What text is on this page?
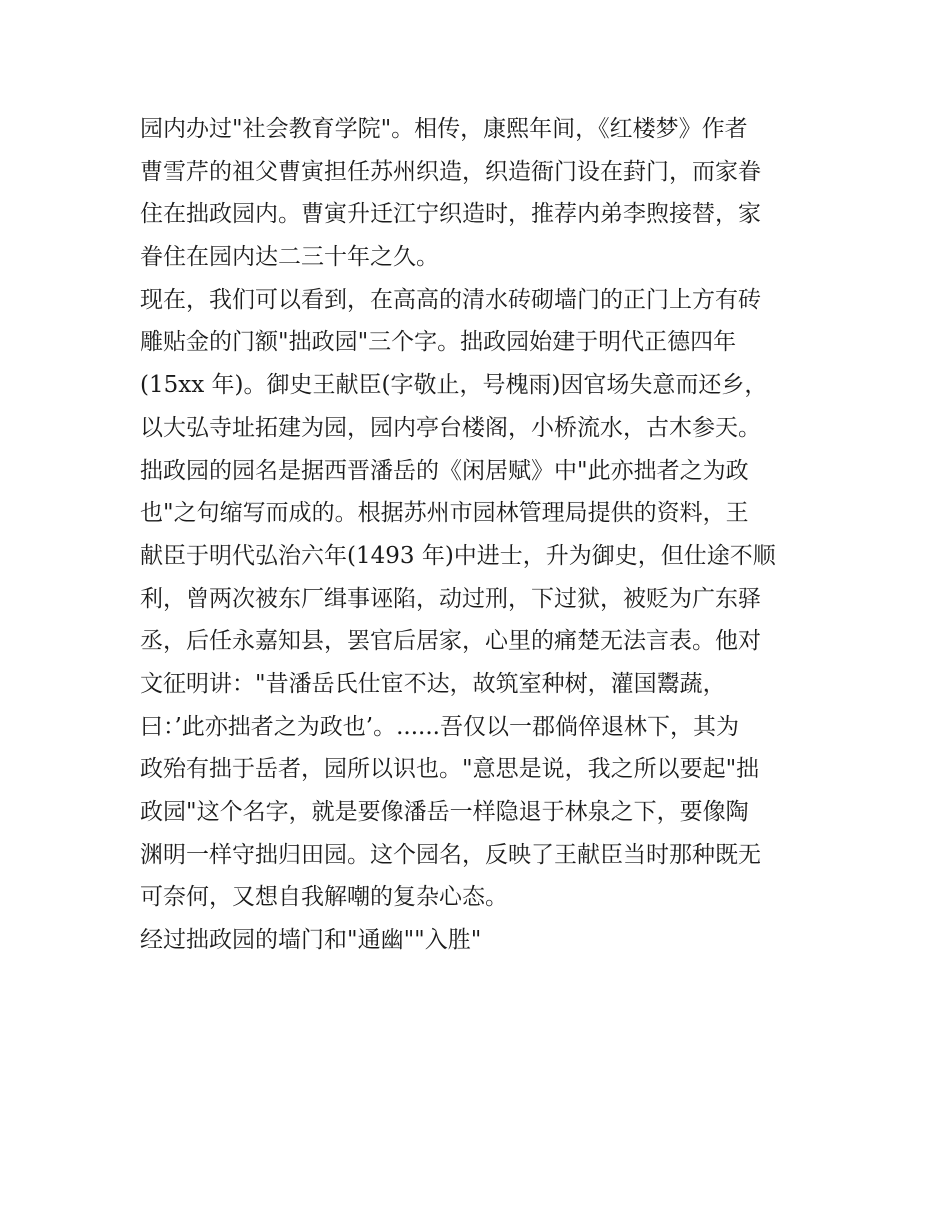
园内办过"社会教育学院"。相传，康熙年间，《红楼梦》作者
曹雪芹的祖父曹寅担任苏州织造，织造衙门设在葑门，而家眷
住在拙政园内。曹寅升迁江宁织造时，推荐内弟李煦接替，家
眷住在园内达二三十年之久。
现在，我们可以看到，在高高的清水砖砌墙门的正门上方有砖
雕贴金的门额"拙政园"三个字。拙政园始建于明代正德四年
(15xx 年)。御史王献臣(字敬止，号槐雨)因官场失意而还乡，
以大弘寺址拓建为园，园内亭台楼阁，小桥流水，古木参天。
拙政园的园名是据西晋潘岳的《闲居赋》中"此亦拙者之为政
也"之句缩写而成的。根据苏州市园林管理局提供的资料，王
献臣于明代弘治六年(1493 年)中进士，升为御史，但仕途不顺
利，曾两次被东厂缉事诬陷，动过刑，下过狱，被贬为广东驿
丞，后任永嘉知县，罢官后居家，心里的痛楚无法言表。他对
文征明讲："昔潘岳氏仕宦不达，故筑室种树，灌国鬻蔬，
曰：’此亦拙者之为政也’。......吾仅以一郡倘倅退林下，其为
政殆有拙于岳者，园所以识也。"意思是说，我之所以要起"拙
政园"这个名字，就是要像潘岳一样隐退于林泉之下，要像陶
渊明一样守拙归田园。这个园名，反映了王献臣当时那种既无
可奈何，又想自我解嘲的复杂心态。
经过拙政园的墙门和"通幽""入胜"
